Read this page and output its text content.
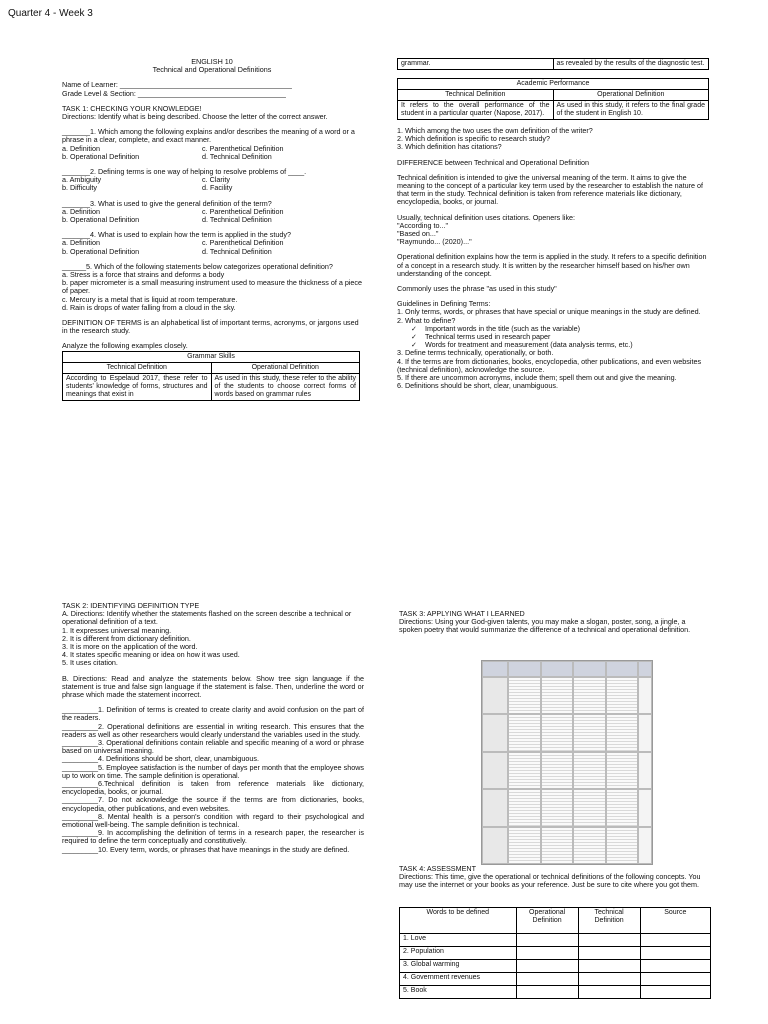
Quarter 4 - Week 3

ENGLISH 10

Technical and Operational Definitions

Name of Learner: ___________________________________________

Grade Level & Section: _____________________________________

TASK 1: CHECKING YOUR KNOWLEDGE!

Directions: Identify what is being described. Choose the letter of the correct answer.

_______1. Which among the following explains and/or describes the meaning of a word or a phrase in a clear, complete, and exact manner.

a. Definition	c. Parenthetical Definition
b. Operational Definition	d. Technical Definition

_______2. Defining terms is one way of helping to resolve problems of ____.

a. Ambiguity	c. Clarity
b. Difficulty	d. Facility

_______3. What is used to give the general definition of the term?

a. Definition	c. Parenthetical Definition
b. Operational Definition	d. Technical Definition

_______4. What is used to explain how the term is applied in the study?

a. Definition	c. Parenthetical Definition
b. Operational Definition	d. Technical Definition

______5. Which of the following statements below categorizes operational definition?

a. Stress is a force that strains and deforms a body

b. paper micrometer is a small measuring instrument used to measure the thickness of a piece of paper.

c. Mercury is a metal that is liquid at room temperature.

d. Rain is drops of water falling from a cloud in the sky.

DEFINITION OF TERMS is an alphabetical list of important terms, acronyms, or jargons used in the research study.

Analyze the following examples closely.

Grammar Skills	
Technical Definition	Operational Definition
According to Espelaud 2017, these refer to students' knowledge of forms, structures and meanings that exist in	As used in this study, these refer to the ability of the students to choose correct forms of words based on grammar rules
grammar.	as revealed by the results of the diagnostic test.
Academic Performance	
Technical Definition	Operational Definition
It refers to the overall performance of the student in a particular quarter (Napose, 2017).	As used in this study, it refers to the final grade of the student in English 10.

1. Which among the two uses the own definition of the writer?

2. Which definition is specific to research study?

3. Which definition has citations?

DIFFERENCE between Technical and Operational Definition

Technical definition is intended to give the universal meaning of the term. It aims to give the meaning to the concept of a particular key term used by the researcher to establish the nature of that term in the study. Technical definition is taken from reference materials like dictionary, encyclopedia, books, or journal.

Usually, technical definition uses citations. Openers like:

"According to..."

"Based on..."

"Raymundo... (2020)..."

Operational definition explains how the term is applied in the study. It refers to a specific definition of a concept in a research study. It is written by the researcher himself based on his/her own understanding of the concept.

Commonly uses the phrase "as used in this study"

Guidelines in Defining Terms:

1. Only terms, words, or phrases that have special or unique meanings in the study are defined.

2. What to define?

✓ Important words in the title (such as the variable)

✓ Technical terms used in research paper

✓ Words for treatment and measurement (data analysis terms, etc.)

3. Define terms technically, operationally, or both.

4. If the terms are from dictionaries, books, encyclopedia, other publications, and even websites (technical definition), acknowledge the source.

5. If there are uncommon acronyms, include them; spell them out and give the meaning.

6. Definitions should be short, clear, unambiguous.

TASK 2: IDENTIFYING DEFINITION TYPE

A. Directions: Identify whether the statements flashed on the screen describe a technical or operational definition of a text.

1. It expresses universal meaning.

2. It is different from dictionary definition.

3. It is more on the application of the word.

4. It states specific meaning or idea on how it was used.

5. It uses citation.

B. Directions: Read and analyze the statements below. Show tree sign language if the statement is true and false sign language if the statement is false. Then, underline the word or phrase which made the statement incorrect.

_________1. Definition of terms is created to create clarity and avoid confusion on the part of the readers.

_________2. Operational definitions are essential in writing research. This ensures that the readers as well as other researchers would clearly understand the variables used in the study.

_________3. Operational definitions contain reliable and specific meaning of a word or phrase based on universal meaning.

_________4. Definitions should be short, clear, unambiguous.

_________5. Employee satisfaction is the number of days per month that the employee shows up to work on time. The sample definition is operational.

_________6.Technical definition is taken from reference materials like dictionary, encyclopedia, books, or journal.

_________7. Do not acknowledge the source if the terms are from dictionaries, books, encyclopedia, other publications, and even websites.

_________8. Mental health is a person's condition with regard to their psychological and emotional well-being. The sample definition is technical.

_________9. In accomplishing the definition of terms in a research paper, the researcher is required to define the term conceptually and constitutively.

_________10. Every term, words, or phrases that have meanings in the study are defined.

TASK 3: APPLYING WHAT I LEARNED

Directions: Using your God-given talents, you may make a slogan, poster, song, a jingle, a spoken poetry that would summarize the difference of a technical and operational definition.

TASK 4: ASSESSMENT

Directions: This time, give the operational or technical definitions of the following concepts. You may use the internet or your books as your reference. Just be sure to cite where you got them.

Words to be defined	Operational Definition	Technical Definition	Source
1. Love			
2. Population			
3. Global warming			
4. Government revenues			
5. Book			
